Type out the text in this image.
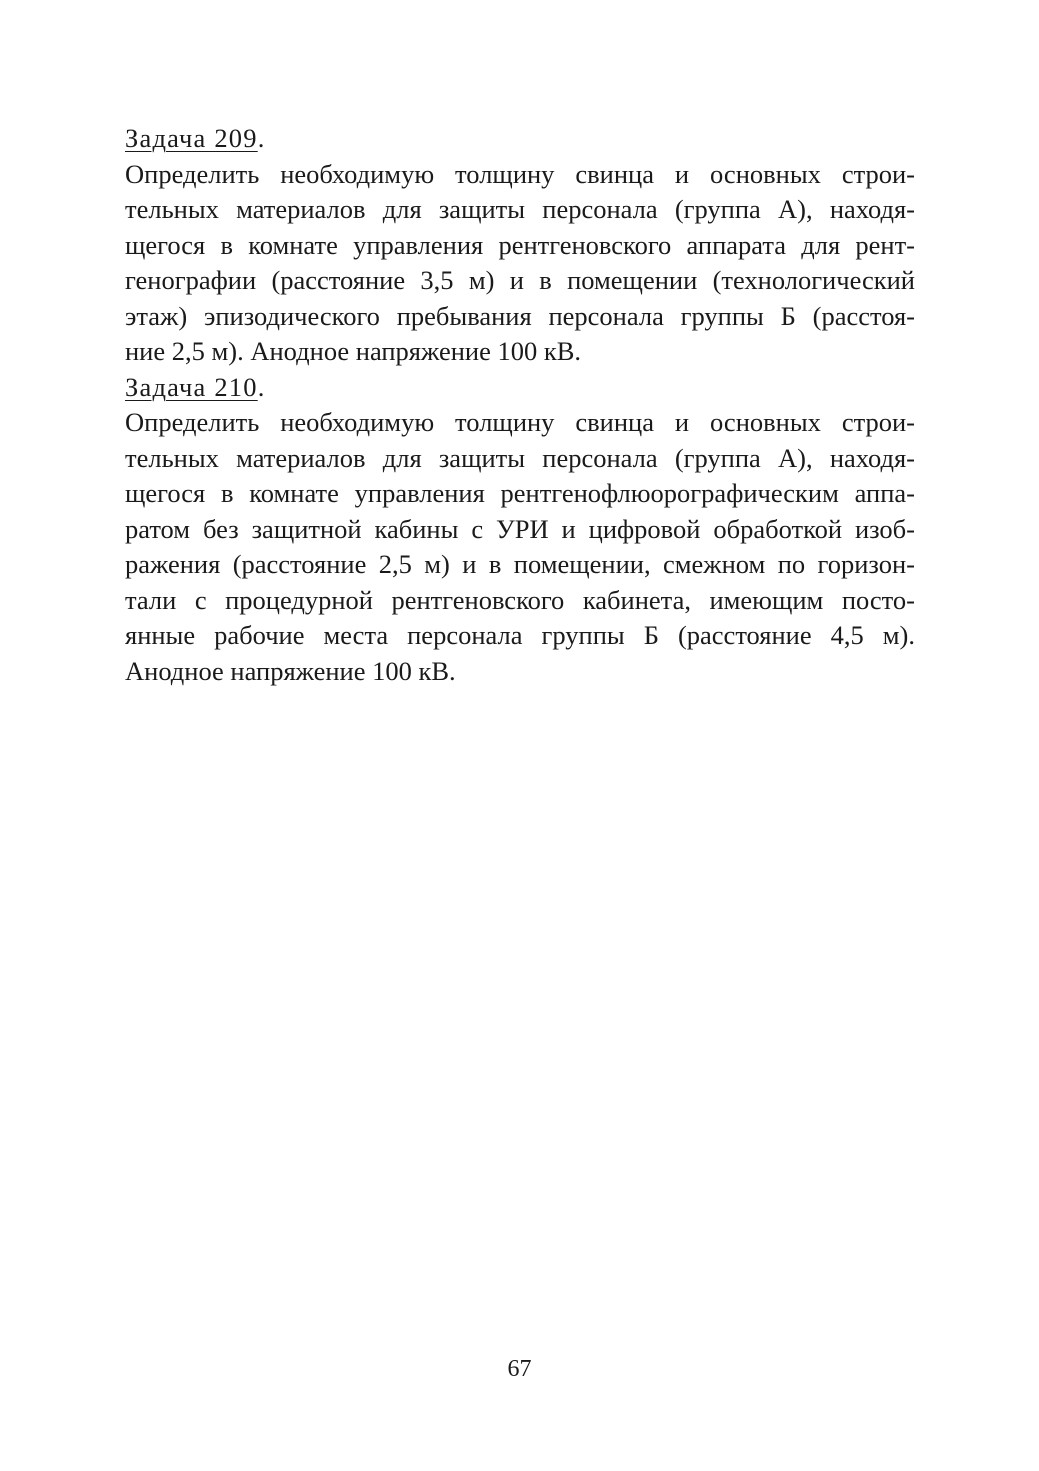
Задача 209.

Определить необходимую толщину свинца и основных строи-
тельных материалов для защиты персонала (группа А), находя-
щегося в комнате управления рентгеновского аппарата для рент-
генографии (расстояние 3,5 м) и в помещении (технологический
этаж) эпизодического пребывания персонала группы Б (расстоя-
ние 2,5 м). Анодное напряжение 100 кВ.

Задача 210.

Определить необходимую толщину свинца и основных строи-
тельных материалов для защиты персонала (группа А), находя-
щегося в комнате управления рентгенофлюорографическим аппа-
ратом без защитной кабины с УРИ и цифровой обработкой изоб-
ражения (расстояние 2,5 м) и в помещении, смежном по горизон-
тали с процедурной рентгеновского кабинета, имеющим посто-
янные рабочие места персонала группы Б (расстояние 4,5 м).
Анодное напряжение 100 кВ.

67
